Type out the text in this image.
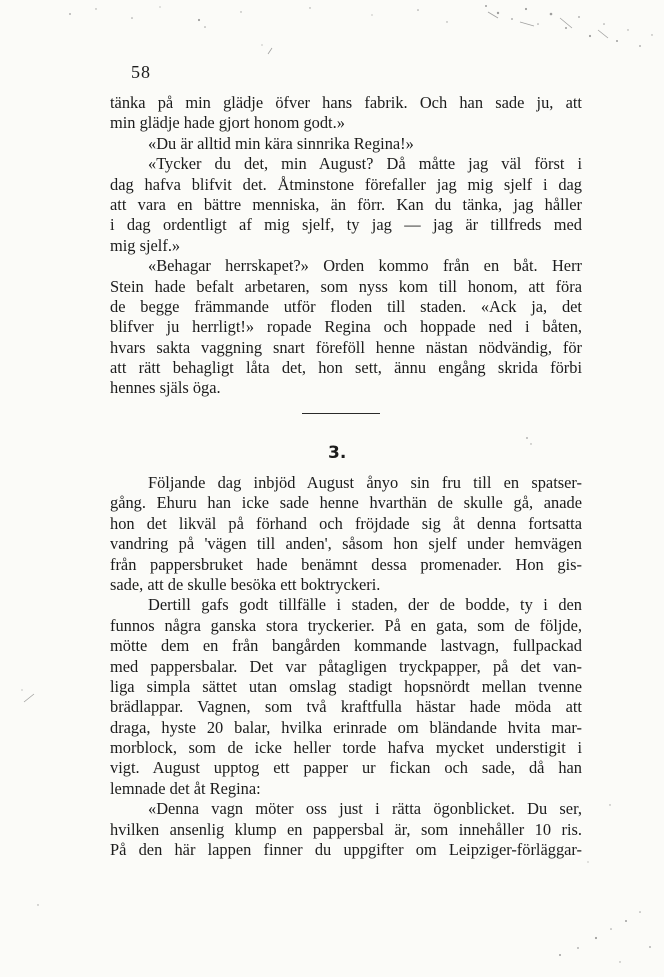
58
tänka på min glädje öfver hans fabrik. Och han sade ju, att
min glädje hade gjort honom godt.»
«Du är alltid min kära sinnrika Regina!»
«Tycker du det, min August? Då måtte jag väl först i
dag hafva blifvit det. Åtminstone förefaller jag mig sjelf i dag
att vara en bättre menniska, än förr. Kan du tänka, jag håller
i dag ordentligt af mig sjelf, ty jag — jag är tillfreds med
mig sjelf.»
«Behagar herrskapet?» Orden kommo från en båt. Herr
Stein hade befalt arbetaren, som nyss kom till honom, att föra
de begge främmande utför floden till staden. «Ack ja, det
blifver ju herrligt!» ropade Regina och hoppade ned i båten,
hvars sakta vaggning snart föreföll henne nästan nödvändig, för
att rätt behagligt låta det, hon sett, ännu engång skrida förbi
hennes själs öga.
3.
Följande dag inbjöd August ånyo sin fru till en spatser-
gång. Ehuru han icke sade henne hvarthän de skulle gå, anade
hon det likväl på förhand och fröjdade sig åt denna fortsatta
vandring på 'vägen till anden', såsom hon sjelf under hemvägen
från pappersbruket hade benämnt dessa promenader. Hon gis-
sade, att de skulle besöka ett boktryckeri.
Dertill gafs godt tillfälle i staden, der de bodde, ty i den
funnos några ganska stora tryckerier. På en gata, som de följde,
mötte dem en från bangården kommande lastvagn, fullpackad
med pappersbalar. Det var påtagligen tryckpapper, på det van-
liga simpla sättet utan omslag stadigt hopsnördt mellan tvenne
brädlappar. Vagnen, som två kraftfulla hästar hade möda att
draga, hyste 20 balar, hvilka erinrade om bländande hvita mar-
morblock, som de icke heller torde hafva mycket understigit i
vigt. August upptog ett papper ur fickan och sade, då han
lemnade det åt Regina:
«Denna vagn möter oss just i rätta ögonblicket. Du ser,
hvilken ansenlig klump en pappersbal är, som innehåller 10 ris.
På den här lappen finner du uppgifter om Leipziger-förläggar-
